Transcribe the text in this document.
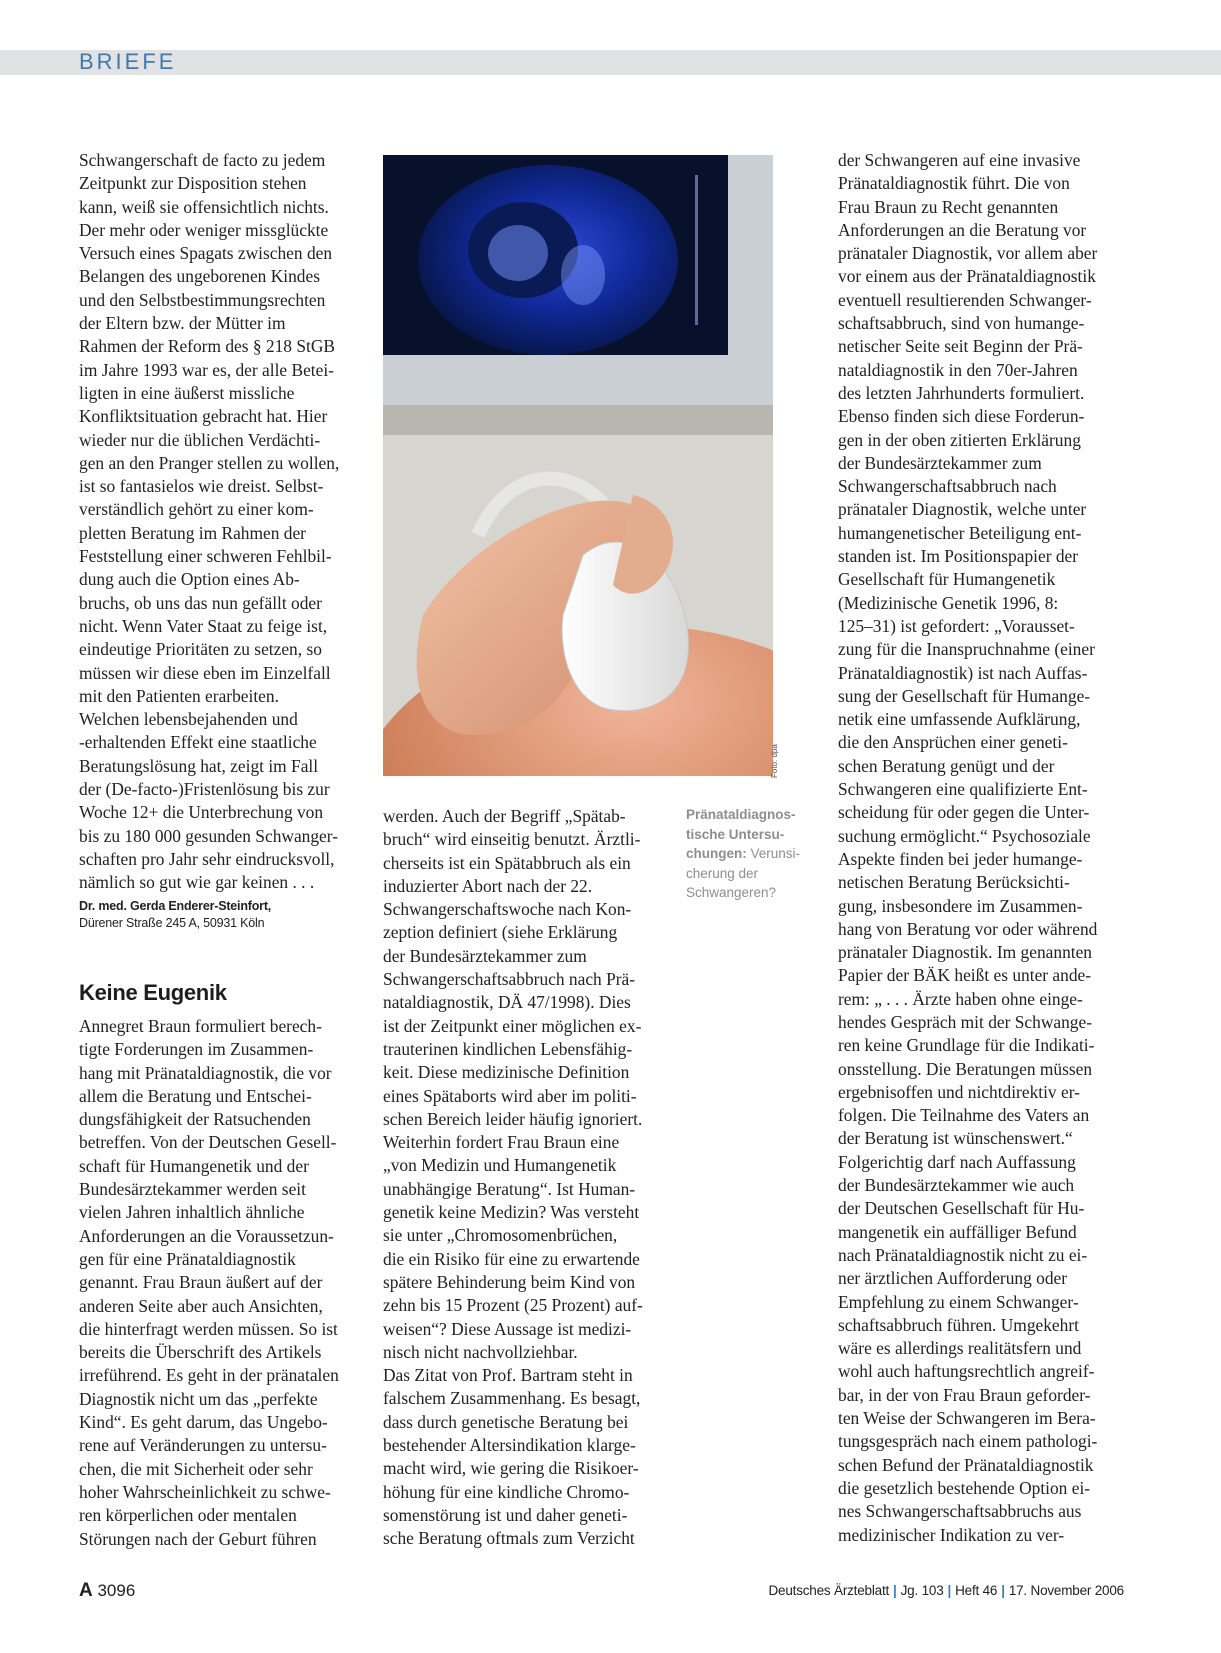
BRIEFE

Schwangerschaft de facto zu jedem
Zeitpunkt zur Disposition stehen
kann, weiß sie offensichtlich nichts.
Der mehr oder weniger missglückte
Versuch eines Spagats zwischen den
Belangen des ungeborenen Kindes
und den Selbstbestimmungsrechten
der Eltern bzw. der Mütter im
Rahmen der Reform des § 218 StGB
im Jahre 1993 war es, der alle Betei-
ligten in eine äußerst missliche
Konfliktsituation gebracht hat. Hier
wieder nur die üblichen Verdächti-
gen an den Pranger stellen zu wollen,
ist so fantasielos wie dreist. Selbst-
verständlich gehört zu einer kom-
pletten Beratung im Rahmen der
Feststellung einer schweren Fehlbil-
dung auch die Option eines Ab-
bruchs, ob uns das nun gefällt oder
nicht. Wenn Vater Staat zu feige ist,
eindeutige Prioritäten zu setzen, so
müssen wir diese eben im Einzelfall
mit den Patienten erarbeiten.
Welchen lebensbejahenden und
-erhaltenden Effekt eine staatliche
Beratungslösung hat, zeigt im Fall
der (De-facto-)Fristenlösung bis zur
Woche 12+ die Unterbrechung von
bis zu 180 000 gesunden Schwanger-
schaften pro Jahr sehr eindrucksvoll,
nämlich so gut wie gar keinen . . .

Dr. med. Gerda Enderer-Steinfort,
Dürener Straße 245 A, 50931 Köln
Keine Eugenik

Annegret Braun formuliert berech-
tigte Forderungen im Zusammen-
hang mit Pränataldiagnostik, die vor
allem die Beratung und Entschei-
dungsfähigkeit der Ratsuchenden
betreffen. Von der Deutschen Gesell-
schaft für Humangenetik und der
Bundesärztekammer werden seit
vielen Jahren inhaltlich ähnliche
Anforderungen an die Voraussetzun-
gen für eine Pränataldiagnostik
genannt. Frau Braun äußert auf der
anderen Seite aber auch Ansichten,
die hinterfragt werden müssen. So ist
bereits die Überschrift des Artikels
irreführend. Es geht in der pränatalen
Diagnostik nicht um das „perfekte
Kind“. Es geht darum, das Ungebo-
rene auf Veränderungen zu untersu-
chen, die mit Sicherheit oder sehr
hoher Wahrscheinlichkeit zu schwe-
ren körperlichen oder mentalen
Störungen nach der Geburt führen

werden. Auch der Begriff „Spätab-
bruch“ wird einseitig benutzt. Ärztli-
cherseits ist ein Spätabbruch als ein
induzierter Abort nach der 22.
Schwangerschaftswoche nach Kon-
zeption definiert (siehe Erklärung
der Bundesärztekammer zum
Schwangerschaftsabbruch nach Prä-
nataldiagnostik, DÄ 47/1998). Dies
ist der Zeitpunkt einer möglichen ex-
trauterinen kindlichen Lebensfähig-
keit. Diese medizinische Definition
eines Spätaborts wird aber im politi-
schen Bereich leider häufig ignoriert.
Weiterhin fordert Frau Braun eine
„von Medizin und Humangenetik
unabhängige Beratung“. Ist Human-
genetik keine Medizin? Was versteht
sie unter „Chromosomenbrüchen,
die ein Risiko für eine zu erwartende
spätere Behinderung beim Kind von
zehn bis 15 Prozent (25 Prozent) auf-
weisen“? Diese Aussage ist medizi-
nisch nicht nachvollziehbar.
Das Zitat von Prof. Bartram steht in
falschem Zusammenhang. Es besagt,
dass durch genetische Beratung bei
bestehender Altersindikation klarge-
macht wird, wie gering die Risikoer-
höhung für eine kindliche Chromo-
somenstörung ist und daher geneti-
sche Beratung oftmals zum Verzicht

der Schwangeren auf eine invasive
Pränataldiagnostik führt. Die von
Frau Braun zu Recht genannten
Anforderungen an die Beratung vor
pränataler Diagnostik, vor allem aber
vor einem aus der Pränataldiagnostik
eventuell resultierenden Schwanger-
schaftsabbruch, sind von humange-
netischer Seite seit Beginn der Prä-
nataldiagnostik in den 70er-Jahren
des letzten Jahrhunderts formuliert.
Ebenso finden sich diese Forderun-
gen in der oben zitierten Erklärung
der Bundesärztekammer zum
Schwangerschaftsabbruch nach
pränataler Diagnostik, welche unter
humangenetischer Beteiligung ent-
standen ist. Im Positionspapier der
Gesellschaft für Humangenetik
(Medizinische Genetik 1996, 8:
125–31) ist gefordert: „Vorausset-
zung für die Inanspruchnahme (einer
Pränataldiagnostik) ist nach Auffas-
sung der Gesellschaft für Humange-
netik eine umfassende Aufklärung,
die den Ansprüchen einer geneti-
schen Beratung genügt und der
Schwangeren eine qualifizierte Ent-
scheidung für oder gegen die Unter-
suchung ermöglicht.“ Psychosoziale
Aspekte finden bei jeder humange-
netischen Beratung Berücksichti-
gung, insbesondere im Zusammen-
hang von Beratung vor oder während
pränataler Diagnostik. Im genannten
Papier der BÄK heißt es unter ande-
rem: „ . . . Ärzte haben ohne einge-
hendes Gespräch mit der Schwange-
ren keine Grundlage für die Indikati-
onsstellung. Die Beratungen müssen
ergebnisoffen und nichtdirektiv er-
folgen. Die Teilnahme des Vaters an
der Beratung ist wünschenswert.“
Folgerichtig darf nach Auffassung
der Bundesärztekammer wie auch
der Deutschen Gesellschaft für Hu-
mangenetik ein auffälliger Befund
nach Pränataldiagnostik nicht zu ei-
ner ärztlichen Aufforderung oder
Empfehlung zu einem Schwanger-
schaftsabbruch führen. Umgekehrt
wäre es allerdings realitätsfern und
wohl auch haftungsrechtlich angreif-
bar, in der von Frau Braun geforder-
ten Weise der Schwangeren im Bera-
tungsgespräch nach einem pathologi-
schen Befund der Pränataldiagnostik
die gesetzlich bestehende Option ei-
nes Schwangerschaftsabbruchs aus
medizinischer Indikation zu ver-

Foto: dpa
Pränataldiagnos-
tische Untersu-
chungen: Verunsi-
cherung der
Schwangeren?
A 3096	Deutsches Ärzteblatt | Jg. 103 | Heft 46 | 17. November 2006
